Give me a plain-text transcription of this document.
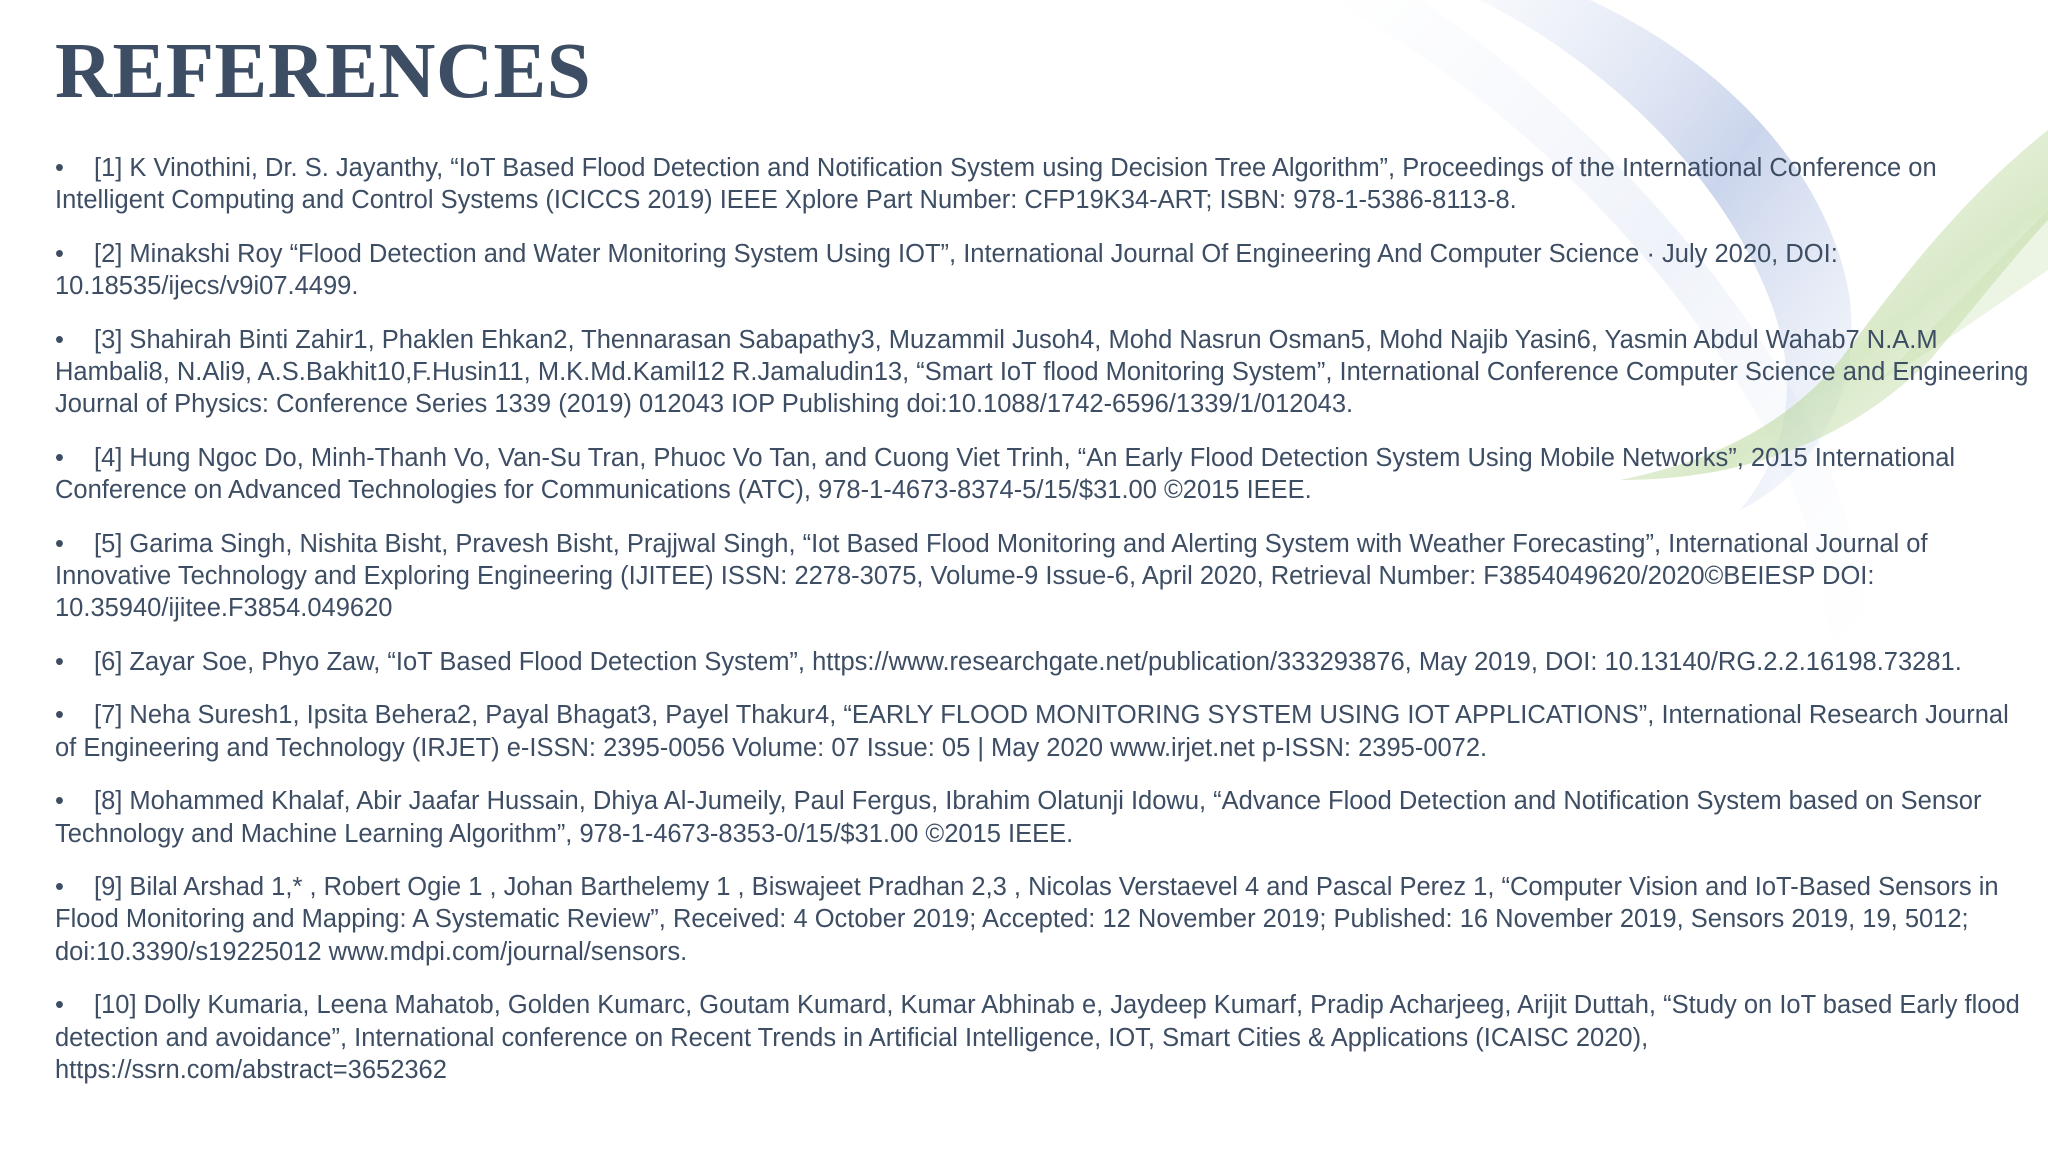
REFERENCES
• [1] K Vinothini, Dr. S. Jayanthy, “IoT Based Flood Detection and Notification System using Decision Tree Algorithm”, Proceedings of the International Conference on Intelligent Computing and Control Systems (ICICCS 2019) IEEE Xplore Part Number: CFP19K34-ART; ISBN: 978-1-5386-8113-8.
• [2] Minakshi Roy “Flood Detection and Water Monitoring System Using IOT”, International Journal Of Engineering And Computer Science · July 2020, DOI: 10.18535/ijecs/v9i07.4499.
• [3] Shahirah Binti Zahir1, Phaklen Ehkan2, Thennarasan Sabapathy3, Muzammil Jusoh4, Mohd Nasrun Osman5, Mohd Najib Yasin6, Yasmin Abdul Wahab7 N.A.M Hambali8, N.Ali9, A.S.Bakhit10,F.Husin11, M.K.Md.Kamil12 R.Jamaludin13, “Smart IoT flood Monitoring System”, International Conference Computer Science and Engineering Journal of Physics: Conference Series 1339 (2019) 012043 IOP Publishing doi:10.1088/1742-6596/1339/1/012043.
• [4] Hung Ngoc Do, Minh-Thanh Vo, Van-Su Tran, Phuoc Vo Tan, and Cuong Viet Trinh, “An Early Flood Detection System Using Mobile Networks”, 2015 International Conference on Advanced Technologies for Communications (ATC), 978-1-4673-8374-5/15/$31.00 ©2015 IEEE.
• [5] Garima Singh, Nishita Bisht, Pravesh Bisht, Prajjwal Singh, “Iot Based Flood Monitoring and Alerting System with Weather Forecasting”, International Journal of Innovative Technology and Exploring Engineering (IJITEE) ISSN: 2278-3075, Volume-9 Issue-6, April 2020, Retrieval Number: F3854049620/2020©BEIESP DOI: 10.35940/ijitee.F3854.049620
• [6] Zayar Soe, Phyo Zaw, “IoT Based Flood Detection System”, https://www.researchgate.net/publication/333293876, May 2019, DOI: 10.13140/RG.2.2.16198.73281.
• [7] Neha Suresh1, Ipsita Behera2, Payal Bhagat3, Payel Thakur4, “EARLY FLOOD MONITORING SYSTEM USING IOT APPLICATIONS”, International Research Journal of Engineering and Technology (IRJET) e-ISSN: 2395-0056 Volume: 07 Issue: 05 | May 2020 www.irjet.net p-ISSN: 2395-0072.
• [8] Mohammed Khalaf, Abir Jaafar Hussain, Dhiya Al-Jumeily, Paul Fergus, Ibrahim Olatunji Idowu, “Advance Flood Detection and Notification System based on Sensor Technology and Machine Learning Algorithm”, 978-1-4673-8353-0/15/$31.00 ©2015 IEEE.
• [9] Bilal Arshad 1,* , Robert Ogie 1 , Johan Barthelemy 1 , Biswajeet Pradhan 2,3 , Nicolas Verstaevel 4 and Pascal Perez 1, “Computer Vision and IoT-Based Sensors in Flood Monitoring and Mapping: A Systematic Review”, Received: 4 October 2019; Accepted: 12 November 2019; Published: 16 November 2019, Sensors 2019, 19, 5012; doi:10.3390/s19225012 www.mdpi.com/journal/sensors.
• [10] Dolly Kumaria, Leena Mahatob, Golden Kumarc, Goutam Kumard, Kumar Abhinab e, Jaydeep Kumarf, Pradip Acharjeeg, Arijit Duttah, “Study on IoT based Early flood detection and avoidance”, International conference on Recent Trends in Artificial Intelligence, IOT, Smart Cities & Applications (ICAISC 2020), https://ssrn.com/abstract=3652362
